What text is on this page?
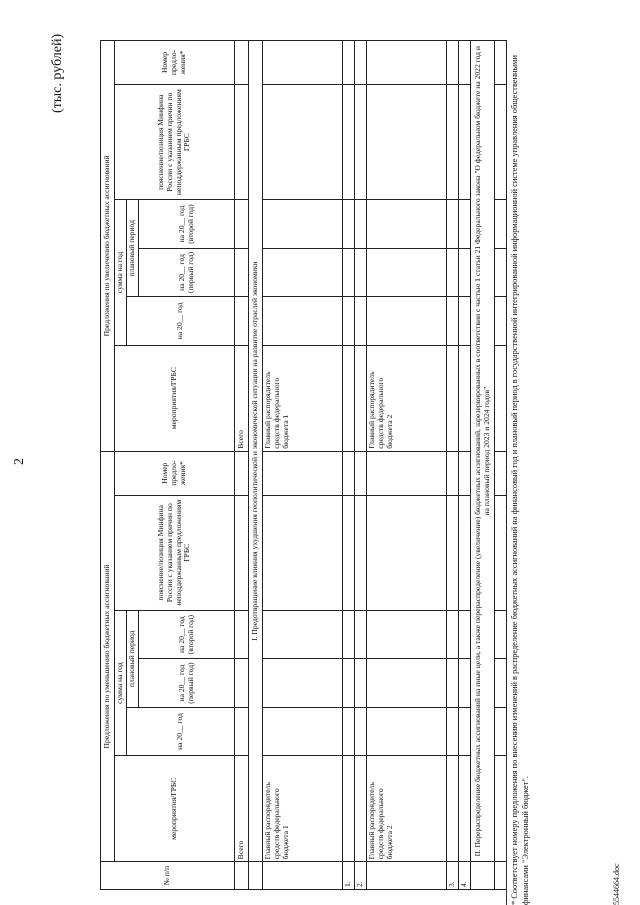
2
(тыс. рублей)
№ п/п	Предложения по уменьшению бюджетных ассигнований						Предложения по увеличению бюджетных ассигнований					
	мероприятия/ГРБС	сумма на год			пояснение/позиция Минфина России с указанием причин по неподдержанным предложениям ГРБС	Номер предло-жения*	мероприятия/ГРБС	сумма на год			пояснение/позиция Минфина России с указанием причин по неподдержанным предложениям ГРБС	Номер предло-жения*
		на 20__ год	плановый период					на 20__ год	плановый период			
			на 20__ год (первый год)	на 20__ год (второй год)					на 20__ год (первый год)	на 20__ год (второй год)		
	Всего						Всего					
	I. Предотвращение влияния ухудшения геополитической и экономической ситуации на развитие отраслей экономики											
	Главный распорядитель средств федерального бюджета 1						Главный распорядитель средств федерального бюджета 1					
1.												
2.												
	Главный распорядитель средств федерального бюджета 2						Главный распорядитель средств федерального бюджета 2					
3.												
4.												
	II. Перераспределение бюджетных ассигнований на иные цели, а также перераспределение (увеличение) бюджетных ассигнований, зарезервированных в соответствии с частью 1 статьи 21 Федерального закона "О федеральном бюджете на 2022 год и на плановый период 2023 и 2024 годов"											
												* Соответствует номеру предложения по внесению изменений в распределение бюджетных ассигнований на финансовый год и плановый период в государственной интегрированной информационной системе управления общественными финансами "Электронный бюджет".	5544664.doc
